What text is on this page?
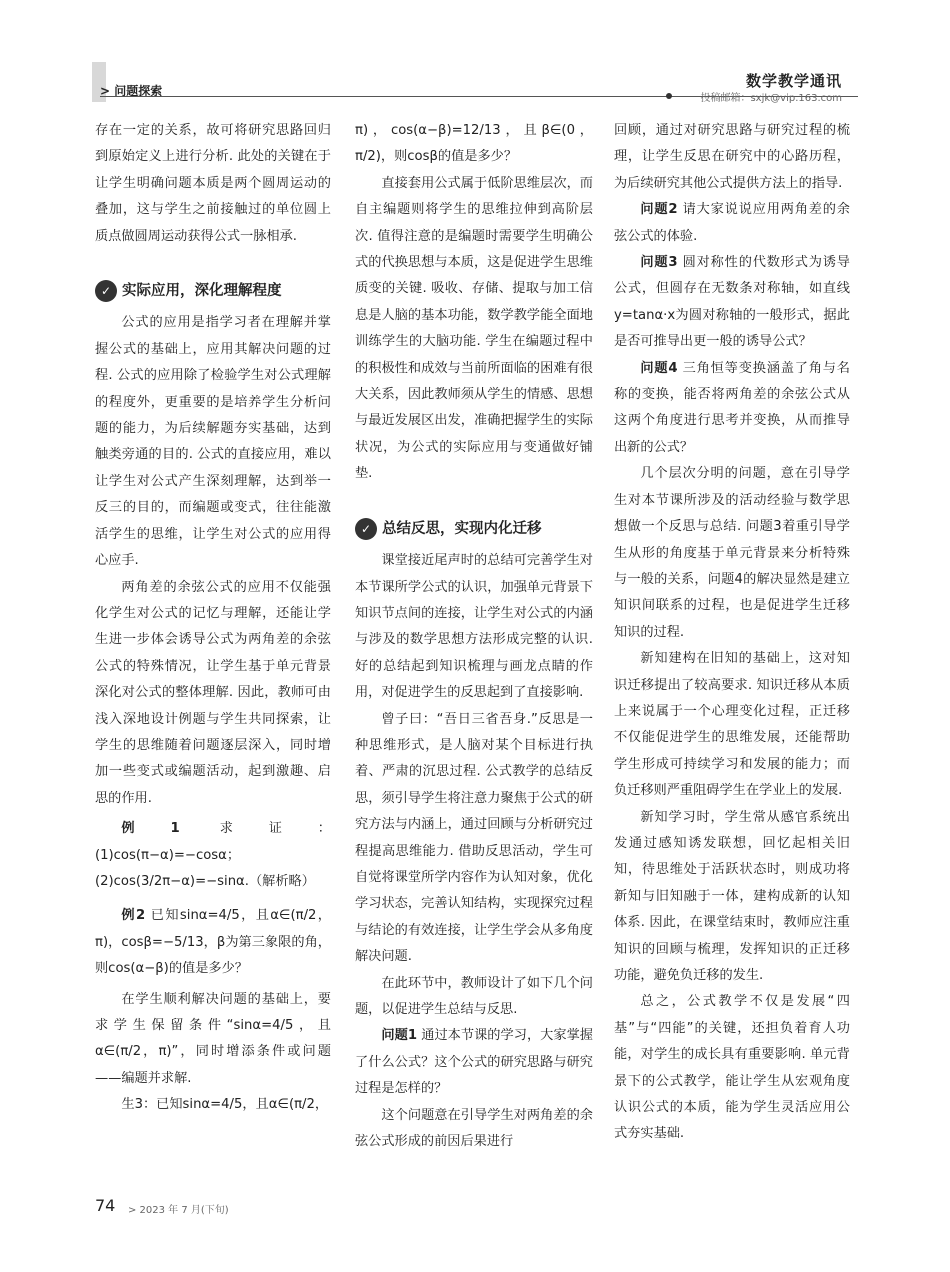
> 问题探索
数学教学通讯
投稿邮箱：sxjk@vip.163.com

存在一定的关系，故可将研究思路回归到原始定义上进行分析. 此处的关键在于让学生明确问题本质是两个圆周运动的叠加，这与学生之前接触过的单位圆上质点做圆周运动获得公式一脉相承.

✓ 实际应用，深化理解程度

公式的应用是指学习者在理解并掌握公式的基础上，应用其解决问题的过程. 公式的应用除了检验学生对公式理解的程度外，更重要的是培养学生分析问题的能力，为后续解题夯实基础，达到触类旁通的目的. 公式的直接应用，难以让学生对公式产生深刻理解，达到举一反三的目的，而编题或变式，往往能激活学生的思维，让学生对公式的应用得心应手.

两角差的余弦公式的应用不仅能强化学生对公式的记忆与理解，还能让学生进一步体会诱导公式为两角差的余弦公式的特殊情况，让学生基于单元背景深化对公式的整体理解. 因此，教师可由浅入深地设计例题与学生共同探索，让学生的思维随着问题逐层深入，同时增加一些变式或编题活动，起到激趣、启思的作用.

例1	求证：(1)cos(π−α)=−cosα；(2)cos(3/2π−α)=−sinα.（解析略）

例2 已知sinα=4/5，且α∈(π/2，π)，cosβ=−5/13，β为第三象限的角，则cos(α−β)的值是多少？

在学生顺利解决问题的基础上，要求学生保留条件“sinα=4/5，且α∈(π/2，π)”，同时增添条件或问题——编题并求解.

生3：已知sinα=4/5，且α∈(π/2，

π)，cos(α−β)=12/13，且β∈(0，π/2)，则cosβ的值是多少？

直接套用公式属于低阶思维层次，而自主编题则将学生的思维拉伸到高阶层次. 值得注意的是编题时需要学生明确公式的代换思想与本质，这是促进学生思维质变的关键. 吸收、存储、提取与加工信息是人脑的基本功能，数学教学能全面地训练学生的大脑功能. 学生在编题过程中的积极性和成效与当前所面临的困难有很大关系，因此教师须从学生的情感、思想与最近发展区出发，准确把握学生的实际状况，为公式的实际应用与变通做好铺垫.

✓ 总结反思，实现内化迁移

课堂接近尾声时的总结可完善学生对本节课所学公式的认识，加强单元背景下知识节点间的连接，让学生对公式的内涵与涉及的数学思想方法形成完整的认识. 好的总结起到知识梳理与画龙点睛的作用，对促进学生的反思起到了直接影响.

曾子曰：“吾日三省吾身.”反思是一种思维形式，是人脑对某个目标进行执着、严肃的沉思过程. 公式教学的总结反思，须引导学生将注意力聚焦于公式的研究方法与内涵上，通过回顾与分析研究过程提高思维能力. 借助反思活动，学生可自觉将课堂所学内容作为认知对象，优化学习状态，完善认知结构，实现探究过程与结论的有效连接，让学生学会从多角度解决问题.

在此环节中，教师设计了如下几个问题，以促进学生总结与反思.

问题1 通过本节课的学习，大家掌握了什么公式？这个公式的研究思路与研究过程是怎样的？

这个问题意在引导学生对两角差的余弦公式形成的前因后果进行

回顾，通过对研究思路与研究过程的梳理，让学生反思在研究中的心路历程，为后续研究其他公式提供方法上的指导.

问题2 请大家说说应用两角差的余弦公式的体验.

问题3 圆对称性的代数形式为诱导公式，但圆存在无数条对称轴，如直线y=tanα·x为圆对称轴的一般形式，据此是否可推导出更一般的诱导公式？

问题4 三角恒等变换涵盖了角与名称的变换，能否将两角差的余弦公式从这两个角度进行思考并变换，从而推导出新的公式？

几个层次分明的问题，意在引导学生对本节课所涉及的活动经验与数学思想做一个反思与总结. 问题3着重引导学生从形的角度基于单元背景来分析特殊与一般的关系，问题4的解决显然是建立知识间联系的过程，也是促进学生迁移知识的过程.

新知建构在旧知的基础上，这对知识迁移提出了较高要求. 知识迁移从本质上来说属于一个心理变化过程，正迁移不仅能促进学生的思维发展，还能帮助学生形成可持续学习和发展的能力；而负迁移则严重阻碍学生在学业上的发展.

新知学习时，学生常从感官系统出发通过感知诱发联想，回忆起相关旧知，待思维处于活跃状态时，则成功将新知与旧知融于一体，建构成新的认知体系. 因此，在课堂结束时，教师应注重知识的回顾与梳理，发挥知识的正迁移功能，避免负迁移的发生.

总之，公式教学不仅是发展“四基”与“四能”的关键，还担负着育人功能，对学生的成长具有重要影响. 单元背景下的公式教学，能让学生从宏观角度认识公式的本质，能为学生灵活应用公式夯实基础.

74 > 2023 年 7 月(下旬)
